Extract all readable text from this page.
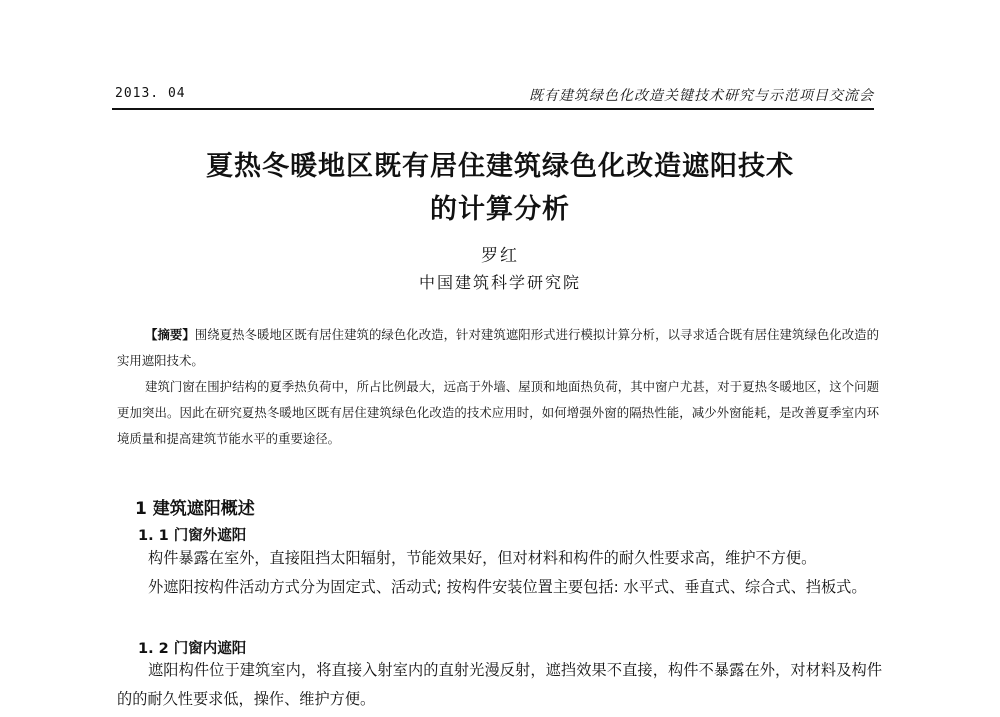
2013. 04	既有建筑绿色化改造关键技术研究与示范项目交流会
夏热冬暖地区既有居住建筑绿色化改造遮阳技术
的计算分析
罗红
中国建筑科学研究院

【摘要】围绕夏热冬暖地区既有居住建筑的绿色化改造，针对建筑遮阳形式进行模拟计算分析，以寻求适合既有居住建筑绿色化改造的实用遮阳技术。

建筑门窗在围护结构的夏季热负荷中，所占比例最大，远高于外墙、屋顶和地面热负荷，其中窗户尤甚，对于夏热冬暖地区，这个问题更加突出。因此在研究夏热冬暖地区既有居住建筑绿色化改造的技术应用时，如何增强外窗的隔热性能，减少外窗能耗，是改善夏季室内环境质量和提高建筑节能水平的重要途径。

1 建筑遮阳概述
1. 1 门窗外遮阳

构件暴露在室外，直接阻挡太阳辐射，节能效果好，但对材料和构件的耐久性要求高，维护不方便。

外遮阳按构件活动方式分为固定式、活动式; 按构件安装位置主要包括: 水平式、垂直式、综合式、挡板式。

1. 2 门窗内遮阳

遮阳构件位于建筑室内，将直接入射室内的直射光漫反射，遮挡效果不直接，构件不暴露在外，对材料及构件的的耐久性要求低，操作、维护方便。
